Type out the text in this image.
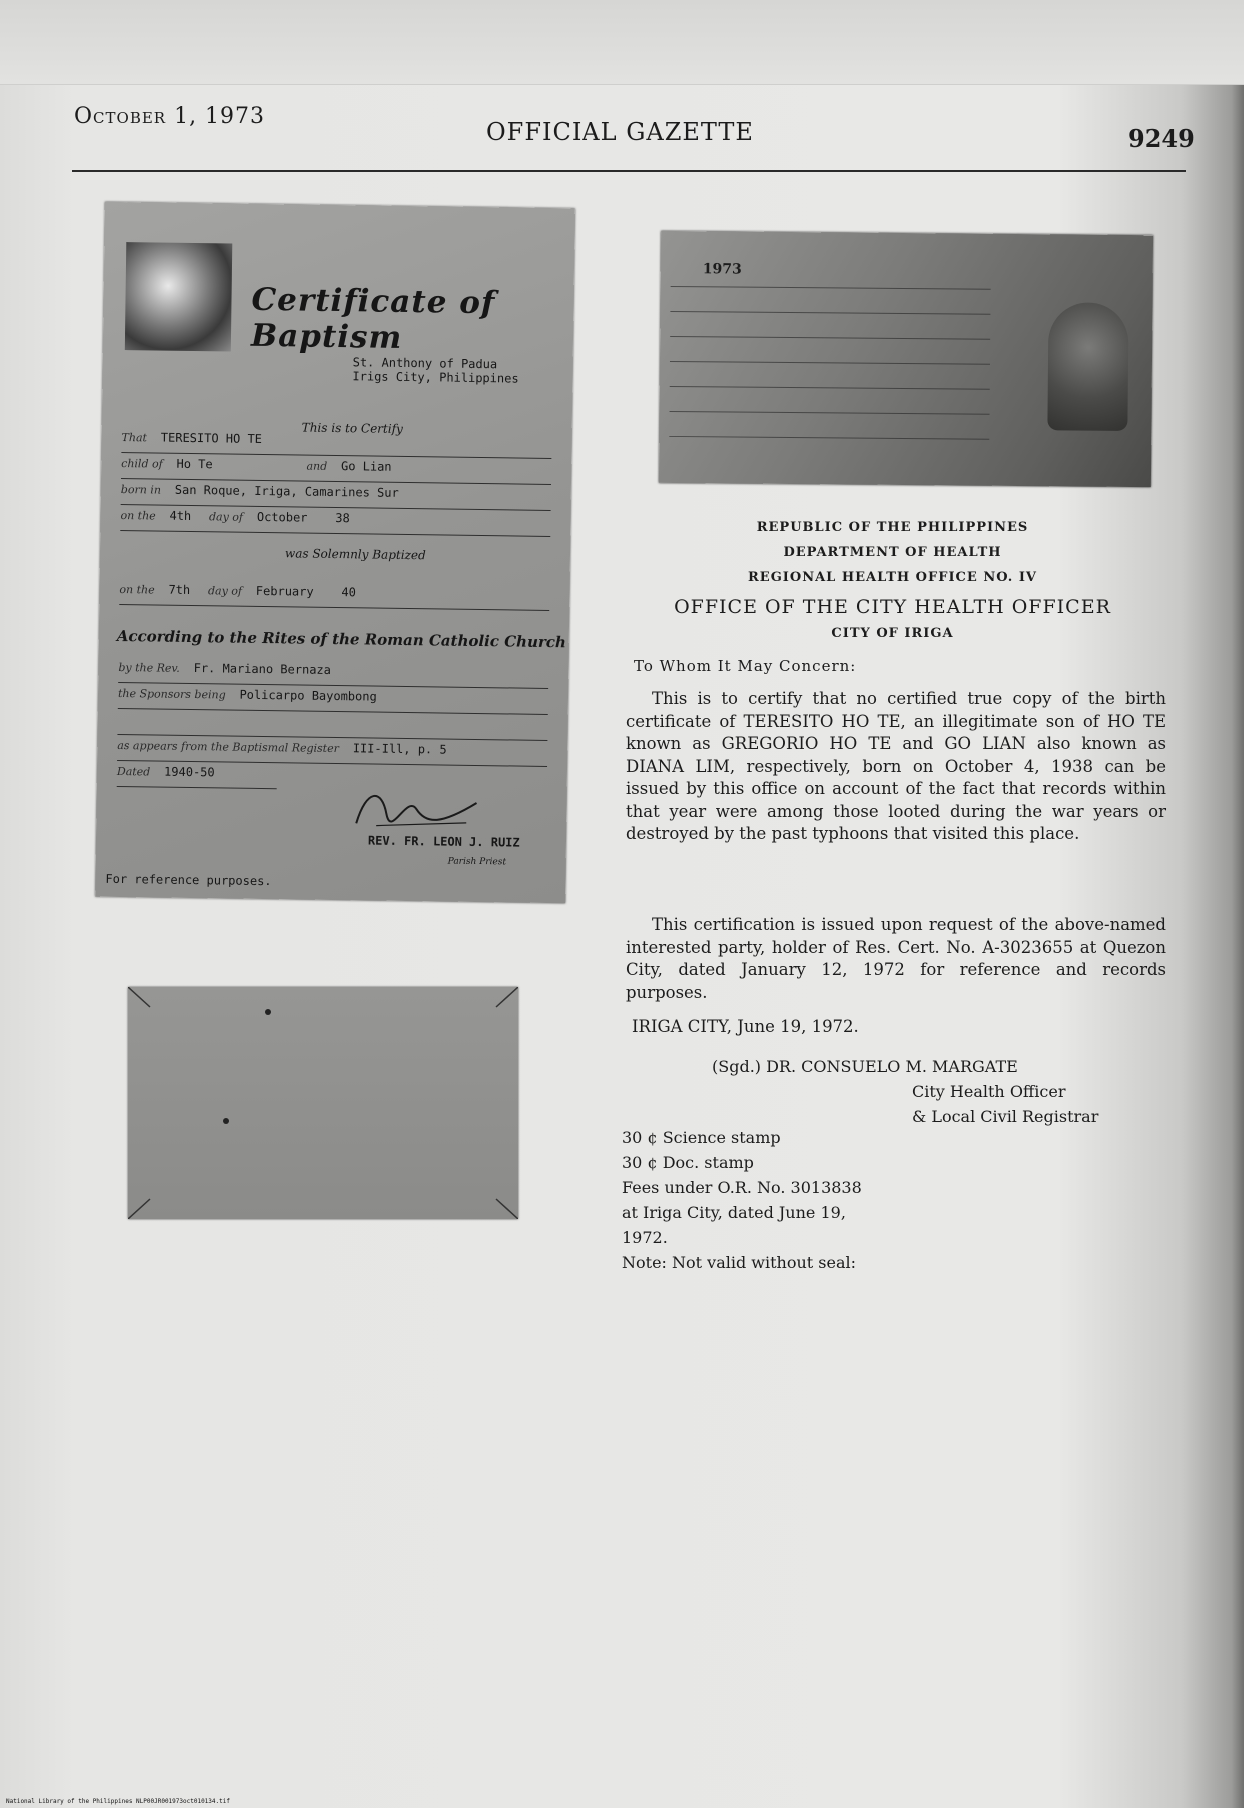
October 1, 1973
OFFICIAL GAZETTE	9249
Certificate of Baptism
St. Anthony of Padua
Irigs City, Philippines
This is to Certify
That TERESITO HO TE
child of Ho Te	and Go Lian
born in San Roque, Iriga, Camarines Sur
on the 4th day of October 38
was Solemnly Baptized
on the 7th day of February 40
According to the Rites of the Roman Catholic Church
by the Rev. Fr. Mariano Bernaza
the Sponsors being Policarpo Bayombong
as appears from the Baptismal Register III-Ill, p. 5
Dated 1940-50
REV. FR. LEON J. RUIZ
Parish Priest
For reference purposes.
1973
REPUBLIC OF THE PHILIPPINES
DEPARTMENT OF HEALTH
REGIONAL HEALTH OFFICE NO. IV
OFFICE OF THE CITY HEALTH OFFICER
CITY OF IRIGA
To Whom It May Concern:
This is to certify that no certified true copy of the birth certificate of TERESITO HO TE, an illegitimate son of HO TE known as GREGORIO HO TE and GO LIAN also known as DIANA LIM, respectively, born on October 4, 1938 can be issued by this office on account of the fact that records within that year were among those looted during the war years or destroyed by the past typhoons that visited this place.
This certification is issued upon request of the above-named interested party, holder of Res. Cert. No. A-3023655 at Quezon City, dated January 12, 1972 for reference and records purposes.
IRIGA CITY, June 19, 1972.
(Sgd.) DR. CONSUELO M. MARGATE
City Health Officer
& Local Civil Registrar
30 ¢ Science stamp
30 ¢ Doc. stamp
Fees under O.R. No. 3013838
at Iriga City, dated June 19,
1972.
Note: Not valid without seal:
National Library of the Philippines NLP00JR001973oct010134.tif
